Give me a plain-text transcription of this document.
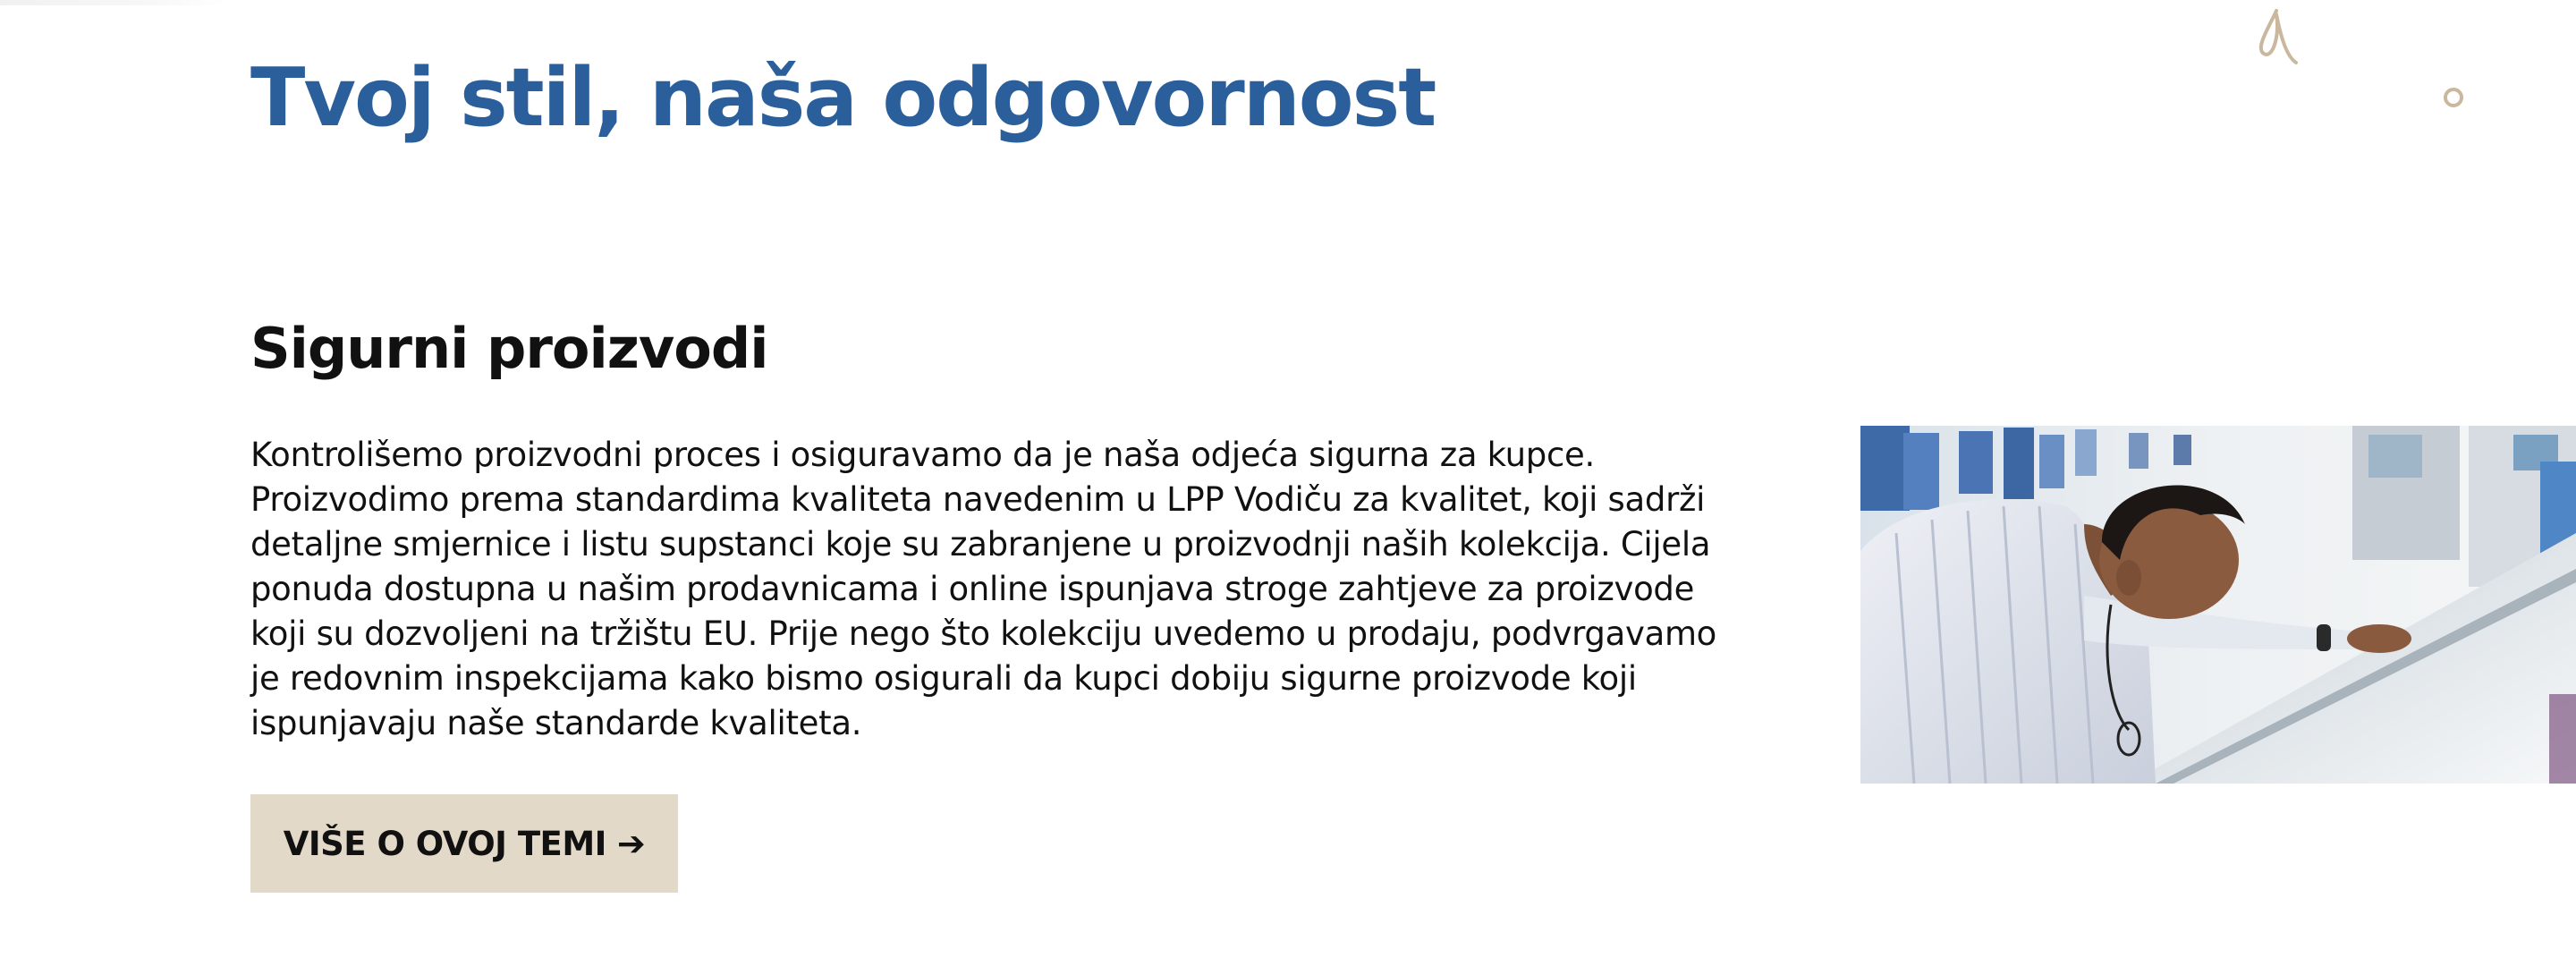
Tvoj stil, naša odgovornost
Sigurni proizvodi

Kontrolišemo proizvodni proces i osiguravamo da je naša odjeća sigurna za kupce. Proizvodimo prema standardima kvaliteta navedenim u LPP Vodiču za kvalitet, koji sadrži detaljne smjernice i listu supstanci koje su zabranjene u proizvodnji naših kolekcija. Cijela ponuda dostupna u našim prodavnicama i online ispunjava stroge zahtjeve za proizvode koji su dozvoljeni na tržištu EU. Prije nego što kolekciju uvedemo u prodaju, podvrgavamo je redovnim inspekcijama kako bismo osigurali da kupci dobiju sigurne proizvode koji ispunjavaju naše standarde kvaliteta.

VIŠE O OVOJ TEMI ➔
